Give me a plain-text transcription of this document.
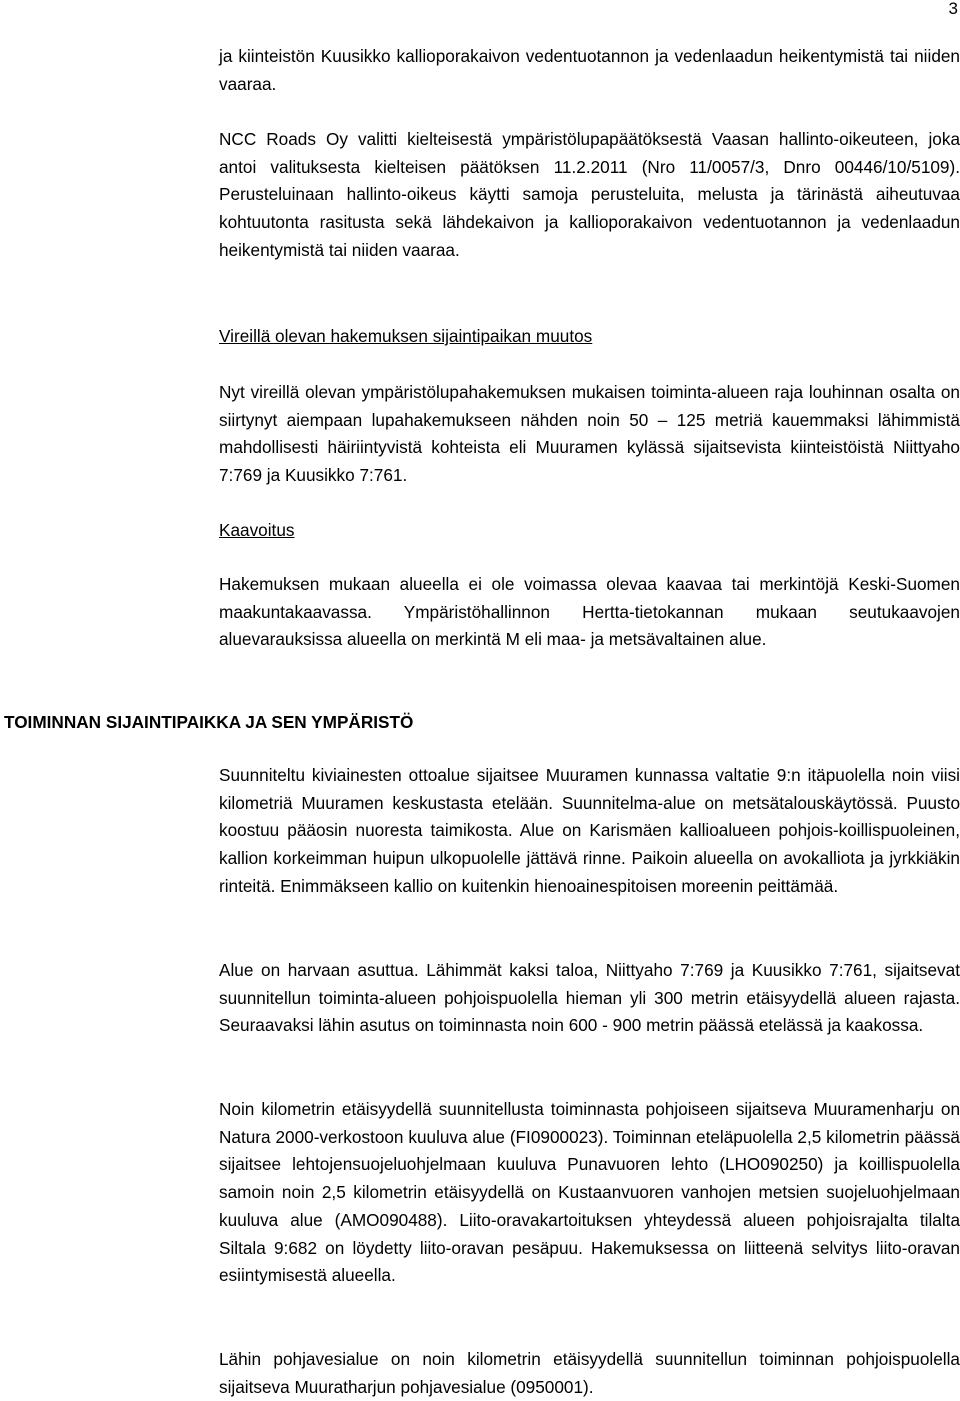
3

ja kiinteistön Kuusikko kallioporakaivon vedentuotannon ja vedenlaadun heikentymistä tai niiden vaaraa.

NCC Roads Oy valitti kielteisestä ympäristölupapäätöksestä Vaasan hallinto-oikeuteen, joka antoi valituksesta kielteisen päätöksen 11.2.2011 (Nro 11/0057/3, Dnro 00446/10/5109). Perusteluinaan hallinto-oikeus käytti samoja perusteluita, melusta ja tärinästä aiheutuvaa kohtuutonta rasitusta sekä lähdekaivon ja kallioporakaivon vedentuotannon ja vedenlaadun heikentymistä tai niiden vaaraa.

Vireillä olevan hakemuksen sijaintipaikan muutos

Nyt vireillä olevan ympäristölupahakemuksen mukaisen toiminta-alueen raja louhinnan osalta on siirtynyt aiempaan lupahakemukseen nähden noin 50 – 125 metriä kauemmaksi lähimmistä mahdollisesti häiriintyvistä kohteista eli Muuramen kylässä sijaitsevista kiinteistöistä Niittyaho 7:769 ja Kuusikko 7:761.

Kaavoitus

Hakemuksen mukaan alueella ei ole voimassa olevaa kaavaa tai merkintöjä Keski-Suomen maakuntakaavassa. Ympäristöhallinnon Hertta-tietokannan mukaan seutukaavojen aluevarauksissa alueella on merkintä M eli maa- ja metsävaltainen alue.

TOIMINNAN SIJAINTIPAIKKA JA SEN YMPÄRISTÖ

Suunniteltu kiviainesten ottoalue sijaitsee Muuramen kunnassa valtatie 9:n itäpuolella noin viisi kilometriä Muuramen keskustasta etelään. Suunnitelma-alue on metsätalouskäytössä. Puusto koostuu pääosin nuoresta taimikosta. Alue on Karismäen kallioalueen pohjois-koillispuoleinen, kallion korkeimman huipun ulkopuolelle jättävä rinne. Paikoin alueella on avokalliota ja jyrkkiäkin rinteitä. Enimmäkseen kallio on kuitenkin hienoainespitoisen moreenin peittämää.

Alue on harvaan asuttua. Lähimmät kaksi taloa, Niittyaho 7:769 ja Kuusikko 7:761, sijaitsevat suunnitellun toiminta-alueen pohjoispuolella hieman yli 300 metrin etäisyydellä alueen rajasta. Seuraavaksi lähin asutus on toiminnasta noin 600 - 900 metrin päässä etelässä ja kaakossa.

Noin kilometrin etäisyydellä suunnitellusta toiminnasta pohjoiseen sijaitseva Muuramenharju on Natura 2000-verkostoon kuuluva alue (FI0900023). Toiminnan eteläpuolella 2,5 kilometrin päässä sijaitsee lehtojensuojeluohjelmaan kuuluva Punavuoren lehto (LHO090250) ja koillispuolella samoin noin 2,5 kilometrin etäisyydellä on Kustaanvuoren vanhojen metsien suojeluohjelmaan kuuluva alue (AMO090488). Liito-oravakartoituksen yhteydessä alueen pohjoisrajalta tilalta Siltala 9:682 on löydetty liito-oravan pesäpuu. Hakemuksessa on liitteenä selvitys liito-oravan esiintymisestä alueella.

Lähin pohjavesialue on noin kilometrin etäisyydellä suunnitellun toiminnan pohjoispuolella sijaitseva Muuratharjun pohjavesialue (0950001).
